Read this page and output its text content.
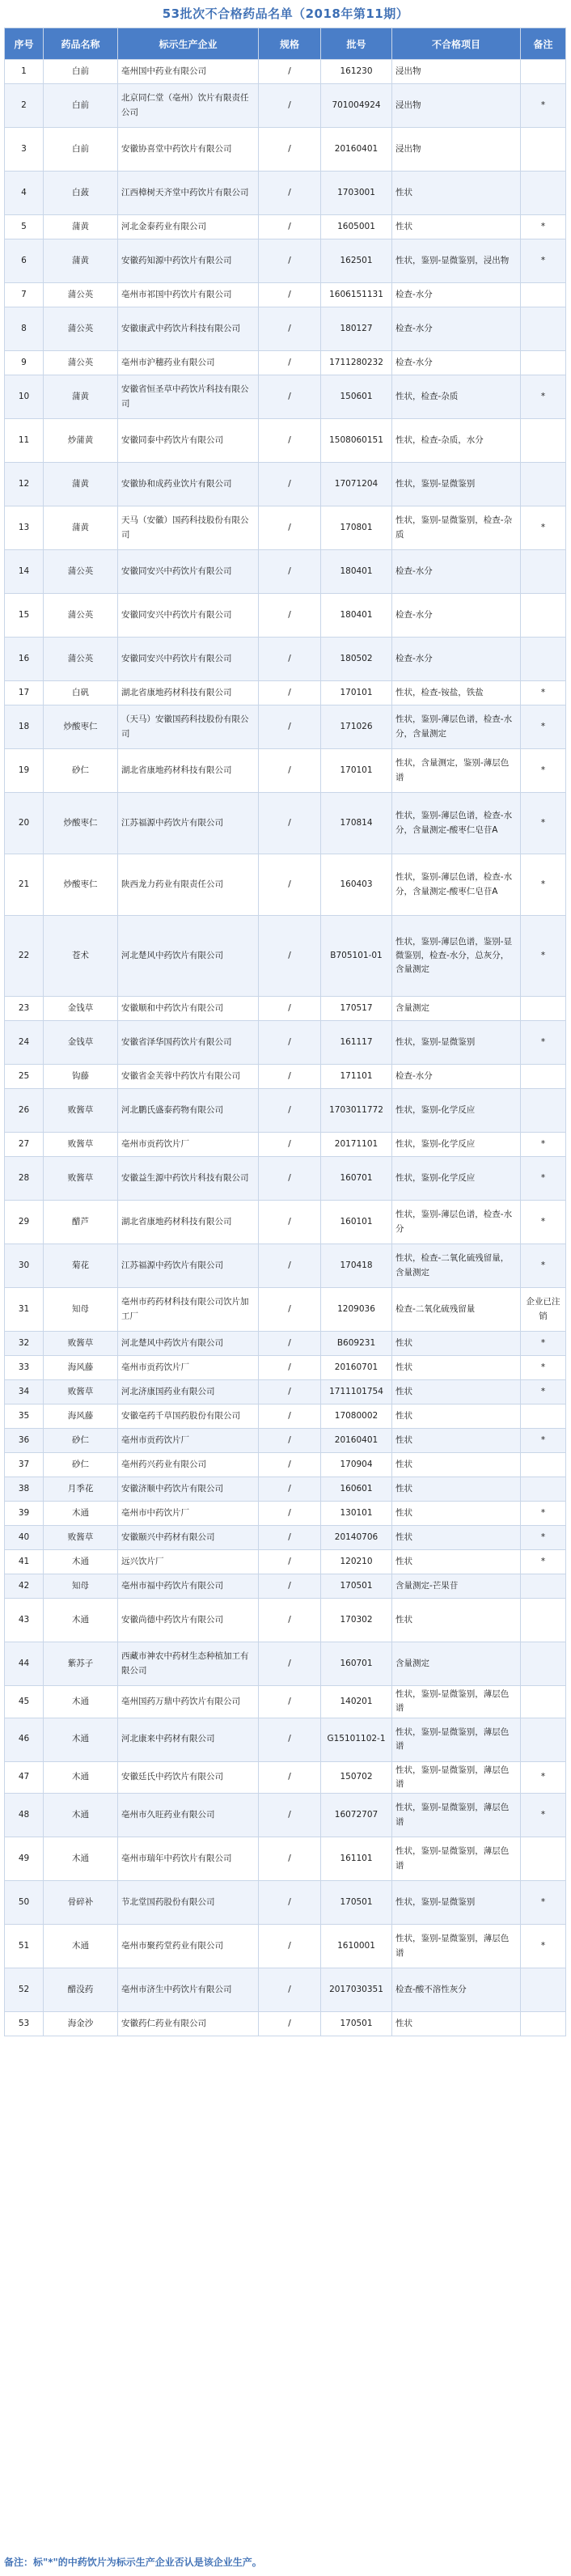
53批次不合格药品名单（2018年第11期）
序号	药品名称	标示生产企业	规格	批号	不合格项目	备注
1	白前	亳州国中药业有限公司	/	161230	浸出物	
2	白前	北京同仁堂（亳州）饮片有限责任公司	/	701004924	浸出物	*
3	白前	安徽协喜堂中药饮片有限公司	/	20160401	浸出物	
4	白蔹	江西樟树天齐堂中药饮片有限公司	/	1703001	性状	
5	蒲黄	河北金泰药业有限公司	/	1605001	性状	*
6	蒲黄	安徽药知源中药饮片有限公司	/	162501	性状，鉴别-显微鉴别，浸出物	*
7	蒲公英	亳州市祁国中药饮片有限公司	/	1606151131	检查-水分	
8	蒲公英	安徽康武中药饮片科技有限公司	/	180127	检查-水分	
9	蒲公英	亳州市沪穗药业有限公司	/	1711280232	检查-水分	
10	蒲黄	安徽省恒圣草中药饮片科技有限公司	/	150601	性状，检查-杂质	*
11	炒蒲黄	安徽同泰中药饮片有限公司	/	1508060151	性状，检查-杂质，水分	
12	蒲黄	安徽协和成药业饮片有限公司	/	17071204	性状，鉴别-显微鉴别	
13	蒲黄	天马（安徽）国药科技股份有限公司	/	170801	性状，鉴别-显微鉴别，检查-杂质	*
14	蒲公英	安徽同安兴中药饮片有限公司	/	180401	检查-水分	
15	蒲公英	安徽同安兴中药饮片有限公司	/	180401	检查-水分	
16	蒲公英	安徽同安兴中药饮片有限公司	/	180502	检查-水分	
17	白矾	湖北省康地药材科技有限公司	/	170101	性状，检查-铵盐，铁盐	*
18	炒酸枣仁	（天马）安徽国药科技股份有限公司	/	171026	性状，鉴别-薄层色谱，检查-水分，含量测定	*
19	砂仁	湖北省康地药材科技有限公司	/	170101	性状，含量测定，鉴别-薄层色谱	*
20	炒酸枣仁	江苏福源中药饮片有限公司	/	170814	性状，鉴别-薄层色谱，检查-水分，含量测定-酸枣仁皂苷A	*
21	炒酸枣仁	陕西龙力药业有限责任公司	/	160403	性状，鉴别-薄层色谱，检查-水分，含量测定-酸枣仁皂苷A	*
22	苍术	河北楚风中药饮片有限公司	/	B705101-01	性状，鉴别-薄层色谱，鉴别-显微鉴别，检查-水分，总灰分，含量测定	*
23	金钱草	安徽顺和中药饮片有限公司	/	170517	含量测定	
24	金钱草	安徽省泽华国药饮片有限公司	/	161117	性状，鉴别-显微鉴别	*
25	钩藤	安徽省金芙蓉中药饮片有限公司	/	171101	检查-水分	
26	败酱草	河北鹏氏盛泰药物有限公司	/	1703011772	性状，鉴别-化学反应	
27	败酱草	亳州市贡药饮片厂	/	20171101	性状，鉴别-化学反应	*
28	败酱草	安徽益生源中药饮片科技有限公司	/	160701	性状，鉴别-化学反应	*
29	醋芦	湖北省康地药材科技有限公司	/	160101	性状，鉴别-薄层色谱，检查-水分	*
30	菊花	江苏福源中药饮片有限公司	/	170418	性状，检查-二氧化硫残留量，含量测定	*
31	知母	亳州市药药材科技有限公司饮片加工厂	/	1209036	检查-二氧化硫残留量	企业已注销
32	败酱草	河北楚风中药饮片有限公司	/	B609231	性状	*
33	海风藤	亳州市贡药饮片厂	/	20160701	性状	*
34	败酱草	河北济康国药业有限公司	/	1711101754	性状	*
35	海风藤	安徽亳药千草国药股份有限公司	/	17080002	性状	
36	砂仁	亳州市贡药饮片厂	/	20160401	性状	*
37	砂仁	亳州药兴药业有限公司	/	170904	性状	
38	月季花	安徽济顺中药饮片有限公司	/	160601	性状	
39	木通	亳州市中药饮片厂	/	130101	性状	*
40	败酱草	安徽颐兴中药材有限公司	/	20140706	性状	*
41	木通	远兴饮片厂	/	120210	性状	*
42	知母	亳州市福中药饮片有限公司	/	170501	含量测定-芒果苷	
43	木通	安徽尚德中药饮片有限公司	/	170302	性状	
44	紫苏子	西藏市神农中药材生态种植加工有限公司	/	160701	含量测定	
45	木通	亳州国药万鼎中药饮片有限公司	/	140201	性状，鉴别-显微鉴别，薄层色谱	
46	木通	河北康来中药材有限公司	/	G15101102-1	性状，鉴别-显微鉴别，薄层色谱	
47	木通	安徽廷氏中药饮片有限公司	/	150702	性状，鉴别-显微鉴别，薄层色谱	*
48	木通	亳州市久旺药业有限公司	/	16072707	性状，鉴别-显微鉴别，薄层色谱	*
49	木通	亳州市瑞年中药饮片有限公司	/	161101	性状，鉴别-显微鉴别，薄层色谱	
50	骨碎补	节北堂国药股份有限公司	/	170501	性状，鉴别-显微鉴别	*
51	木通	亳州市聚药堂药业有限公司	/	1610001	性状，鉴别-显微鉴别，薄层色谱	*
52	醋没药	亳州市济生中药饮片有限公司	/	2017030351	检查-酸不溶性灰分	
53	海金沙	安徽药仁药业有限公司	/	170501	性状	
备注：标"*"的中药饮片为标示生产企业否认是该企业生产。
